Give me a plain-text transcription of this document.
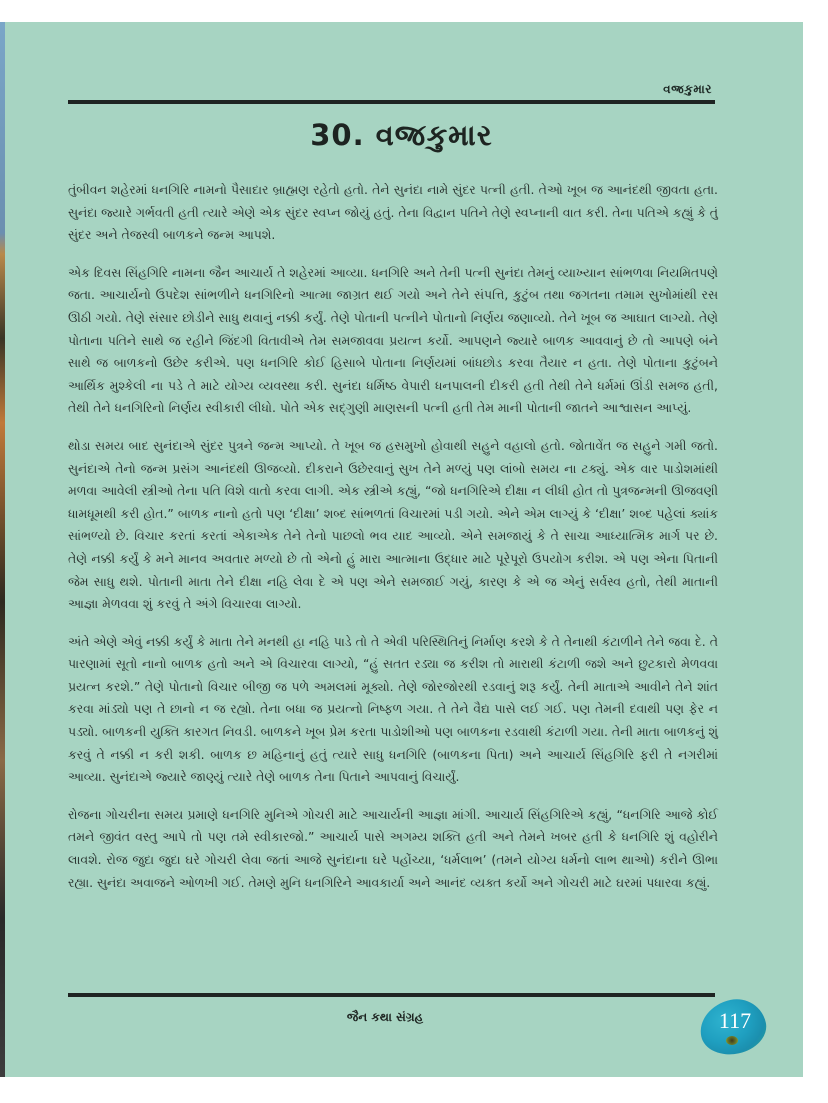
વજ્રકુમાર
30. વજ્રકુમાર

તુંબીવન શહેરમાં ધનગિરિ નામનો પૈસાદાર બ્રાહ્મણ રહેતો હતો. તેને સુનંદા નામે સુંદર પત્ની હતી. તેઓ ખૂબ જ આનંદથી જીવતા હતા. સુનંદા જ્યારે ગર્ભવતી હતી ત્યારે એણે એક સુંદર સ્વપ્ન જોયું હતું. તેના વિદ્વાન પતિને તેણે સ્વપ્નાની વાત કરી. તેના પતિએ કહ્યું કે તું સુંદર અને તેજસ્વી બાળકને જન્મ આપશે.

એક દિવસ સિંહગિરિ નામના જૈન આચાર્ય તે શહેરમાં આવ્યા. ધનગિરિ અને તેની પત્ની સુનંદા તેમનું વ્યાખ્યાન સાંભળવા નિયમિતપણે જતા. આચાર્યનો ઉપદેશ સાંભળીને ધનગિરિનો આત્મા જાગ્રત થઈ ગયો અને તેને સંપત્તિ, કુટુંબ તથા જગતના તમામ સુખોમાંથી રસ ઊઠી ગયો. તેણે સંસાર છોડીને સાધુ થવાનું નક્કી કર્યું. તેણે પોતાની પત્નીને પોતાનો નિર્ણય જણાવ્યો. તેને ખૂબ જ આઘાત લાગ્યો. તેણે પોતાના પતિને સાથે જ રહીને જિંદગી વિતાવીએ તેમ સમજાવવા પ્રયત્ન કર્યો. આપણને જ્યારે બાળક આવવાનું છે તો આપણે બંને સાથે જ બાળકનો ઉછેર કરીએ. પણ ધનગિરિ કોઈ હિસાબે પોતાના નિર્ણયમાં બાંધછોડ કરવા તૈયાર ન હતા. તેણે પોતાના કુટુંબને આર્થિક મુશ્કેલી ના પડે તે માટે યોગ્ય વ્યવસ્થા કરી. સુનંદા ધર્મિષ્ઠ વેપારી ધનપાલની દીકરી હતી તેથી તેને ધર્મમાં ઊંડી સમજ હતી, તેથી તેને ધનગિરિનો નિર્ણય સ્વીકારી લીધો. પોતે એક સદ્‌ગુણી માણસની પત્ની હતી તેમ માની પોતાની જાતને આશ્વાસન આપ્યું.

થોડા સમય બાદ સુનંદાએ સુંદર પુત્રને જન્મ આપ્યો. તે ખૂબ જ હસમુખો હોવાથી સહુને વહાલો હતો. જોતાવેંત જ સહુને ગમી જતો. સુનંદાએ તેનો જન્મ પ્રસંગ આનંદથી ઊજવ્યો. દીકરાને ઉછેરવાનું સુખ તેને મળ્યું પણ લાંબો સમય ના ટક્યું. એક વાર પાડોશમાંથી મળવા આવેલી સ્ત્રીઓ તેના પતિ વિશે વાતો કરવા લાગી. એક સ્ત્રીએ કહ્યું, “જો ધનગિરિએ દીક્ષા ન લીધી હોત તો પુત્રજન્મની ઊજવણી ધામધૂમથી કરી હોત.” બાળક નાનો હતો પણ ‘દીક્ષા’ શબ્દ સાંભળતાં વિચારમાં પડી ગયો. એને એમ લાગ્યું કે ‘દીક્ષા’ શબ્દ પહેલાં ક્યાંક સાંભળ્યો છે. વિચાર કરતાં કરતાં એકાએક તેને તેનો પાછલો ભવ યાદ આવ્યો. એને સમજાયું કે તે સાચા આધ્યાત્મિક માર્ગ પર છે. તેણે નક્કી કર્યું કે મને માનવ અવતાર મળ્યો છે તો એનો હું મારા આત્માના ઉદ્ધાર માટે પૂરેપૂરો ઉપયોગ કરીશ. એ પણ એના પિતાની જેમ સાધુ થશે. પોતાની માતા તેને દીક્ષા નહિ લેવા દે એ પણ એને સમજાઈ ગયું, કારણ કે એ જ એનું સર્વસ્વ હતો, તેથી માતાની આજ્ઞા મેળવવા શું કરવું તે અંગે વિચારવા લાગ્યો.

અંતે એણે એવું નક્કી કર્યું કે માતા તેને મનથી હા નહિ પાડે તો તે એવી પરિસ્થિતિનું નિર્માણ કરશે કે તે તેનાથી કંટાળીને તેને જવા દે. તે પારણામાં સૂતો નાનો બાળક હતો અને એ વિચારવા લાગ્યો, “હું સતત રડ્યા જ કરીશ તો મારાથી કંટાળી જશે અને છુટકારો મેળવવા પ્રયત્ન કરશે.” તેણે પોતાનો વિચાર બીજી જ પળે અમલમાં મૂક્યો. તેણે જોરજોરથી રડવાનું શરૂ કર્યું. તેની માતાએ આવીને તેને શાંત કરવા માંડ્યો પણ તે છાનો ન જ રહ્યો. તેના બધા જ પ્રયત્નો નિષ્ફળ ગયા. તે તેને વૈદ્ય પાસે લઈ ગઈ. પણ તેમની દવાથી પણ ફેર ન પડ્યો. બાળકની યુક્તિ કારગત નિવડી. બાળકને ખૂબ પ્રેમ કરતા પાડોશીઓ પણ બાળકના રડવાથી કંટાળી ગયા. તેની માતા બાળકનું શું કરવું તે નક્કી ન કરી શકી. બાળક છ મહિનાનું હતું ત્યારે સાધુ ધનગિરિ (બાળકના પિતા) અને આચાર્ય સિંહગિરિ ફરી તે નગરીમાં આવ્યા. સુનંદાએ જ્યારે જાણ્યું ત્યારે તેણે બાળક તેના પિતાને આપવાનું વિચાર્યું.

રોજના ગોચરીના સમય પ્રમાણે ધનગિરિ મુનિએ ગોચરી માટે આચાર્યની આજ્ઞા માંગી. આચાર્ય સિંહગિરિએ કહ્યું, “ધનગિરિ આજે કોઈ તમને જીવંત વસ્તુ આપે તો પણ તમે સ્વીકારજો.” આચાર્ય પાસે અગમ્ય શક્તિ હતી અને તેમને ખબર હતી કે ધનગિરિ શું વહોરીને લાવશે. રોજ જુદા જુદા ઘરે ગોચરી લેવા જતાં આજે સુનંદાના ઘરે પહોંચ્યા, ‘ધર્મલાભ’ (તમને યોગ્ય ધર્મનો લાભ થાઓ) કરીને ઊભા રહ્યા. સુનંદા અવાજને ઓળખી ગઈ. તેમણે મુનિ ધનગિરિને આવકાર્યા અને આનંદ વ્યક્ત કર્યો અને ગોચરી માટે ઘરમાં પધારવા કહ્યું.

જૈન કથા સંગ્રહ	117
